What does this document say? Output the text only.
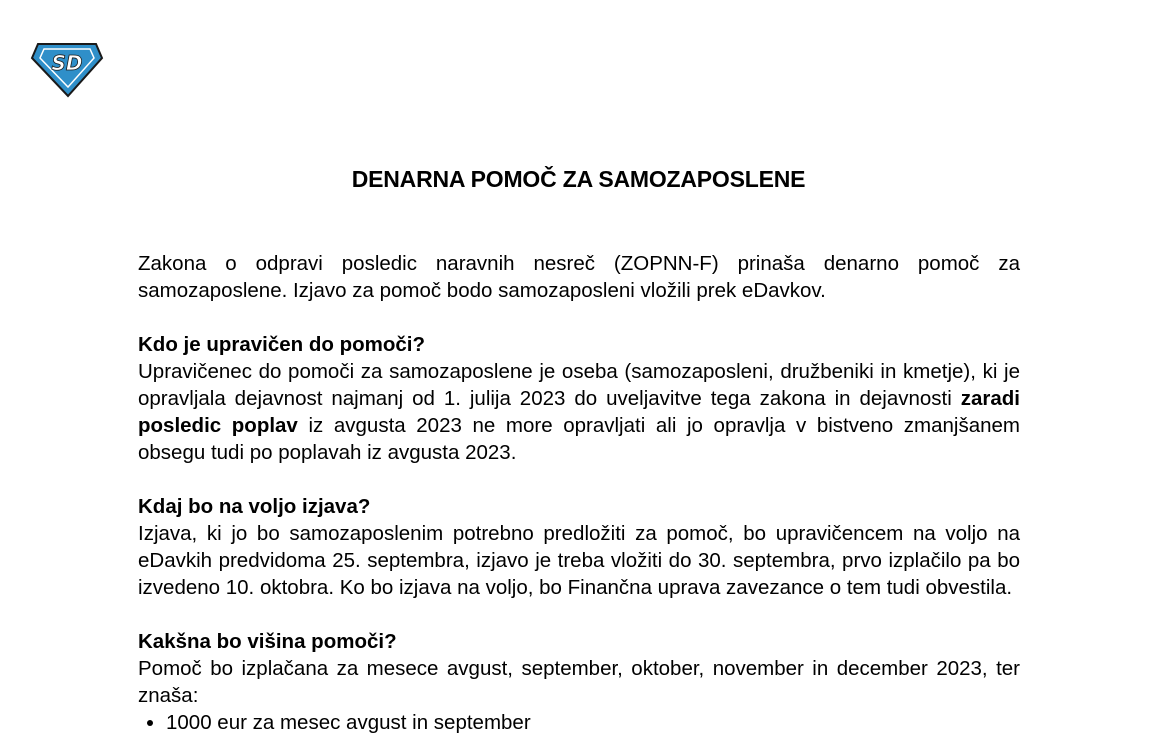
SD
DENARNA POMOČ ZA SAMOZAPOSLENE

Zakona o odpravi posledic naravnih nesreč (ZOPNN-F) prinaša denarno pomoč za samozaposlene. Izjavo za pomoč bodo samozaposleni vložili prek eDavkov.

Kdo je upravičen do pomoči?

Upravičenec do pomoči za samozaposlene je oseba (samozaposleni, družbeniki in kmetje), ki je opravljala dejavnost najmanj od 1. julija 2023 do uveljavitve tega zakona in dejavnosti zaradi posledic poplav iz avgusta 2023 ne more opravljati ali jo opravlja v bistveno zmanjšanem obsegu tudi po poplavah iz avgusta 2023.

Kdaj bo na voljo izjava?

Izjava, ki jo bo samozaposlenim potrebno predložiti za pomoč, bo upravičencem na voljo na eDavkih predvidoma 25. septembra, izjavo je treba vložiti do 30. septembra, prvo izplačilo pa bo izvedeno 10. oktobra. Ko bo izjava na voljo, bo Finančna uprava zavezance o tem tudi obvestila.

Kakšna bo višina pomoči?

Pomoč bo izplačana za mesece avgust, september, oktober, november in december 2023, ter znaša:

• 1000 eur za mesec avgust in september
